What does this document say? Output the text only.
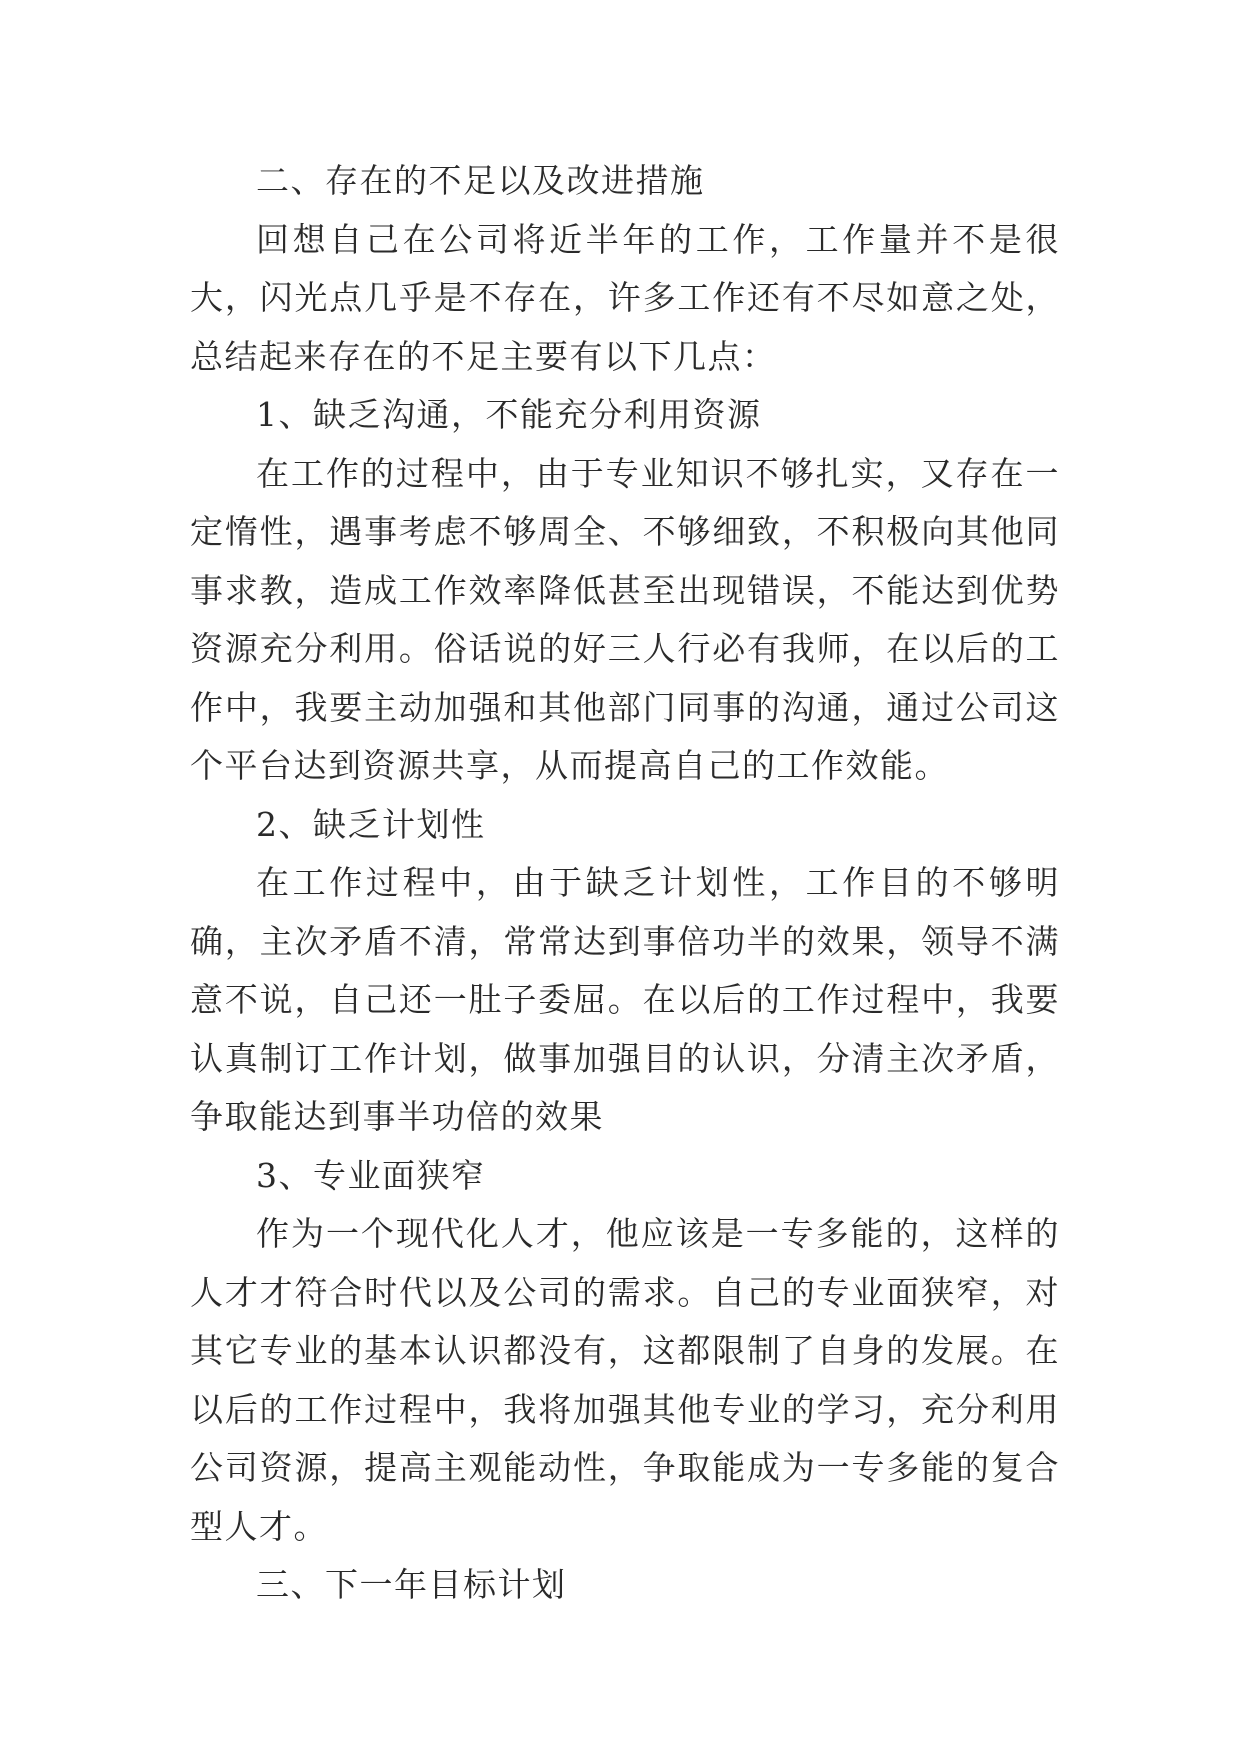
二、存在的不足以及改进措施

回想自己在公司将近半年的工作，工作量并不是很大，闪光点几乎是不存在，许多工作还有不尽如意之处，总结起来存在的不足主要有以下几点：

1、缺乏沟通，不能充分利用资源

在工作的过程中，由于专业知识不够扎实，又存在一定惰性，遇事考虑不够周全、不够细致，不积极向其他同事求教，造成工作效率降低甚至出现错误，不能达到优势资源充分利用。俗话说的好三人行必有我师，在以后的工作中，我要主动加强和其他部门同事的沟通，通过公司这个平台达到资源共享，从而提高自己的工作效能。

2、缺乏计划性

在工作过程中，由于缺乏计划性，工作目的不够明确，主次矛盾不清，常常达到事倍功半的效果，领导不满意不说，自己还一肚子委屈。在以后的工作过程中，我要认真制订工作计划，做事加强目的认识，分清主次矛盾，争取能达到事半功倍的效果

3、专业面狭窄

作为一个现代化人才，他应该是一专多能的，这样的人才才符合时代以及公司的需求。自己的专业面狭窄，对其它专业的基本认识都没有，这都限制了自身的发展。在以后的工作过程中，我将加强其他专业的学习，充分利用公司资源，提高主观能动性，争取能成为一专多能的复合型人才。

三、下一年目标计划
